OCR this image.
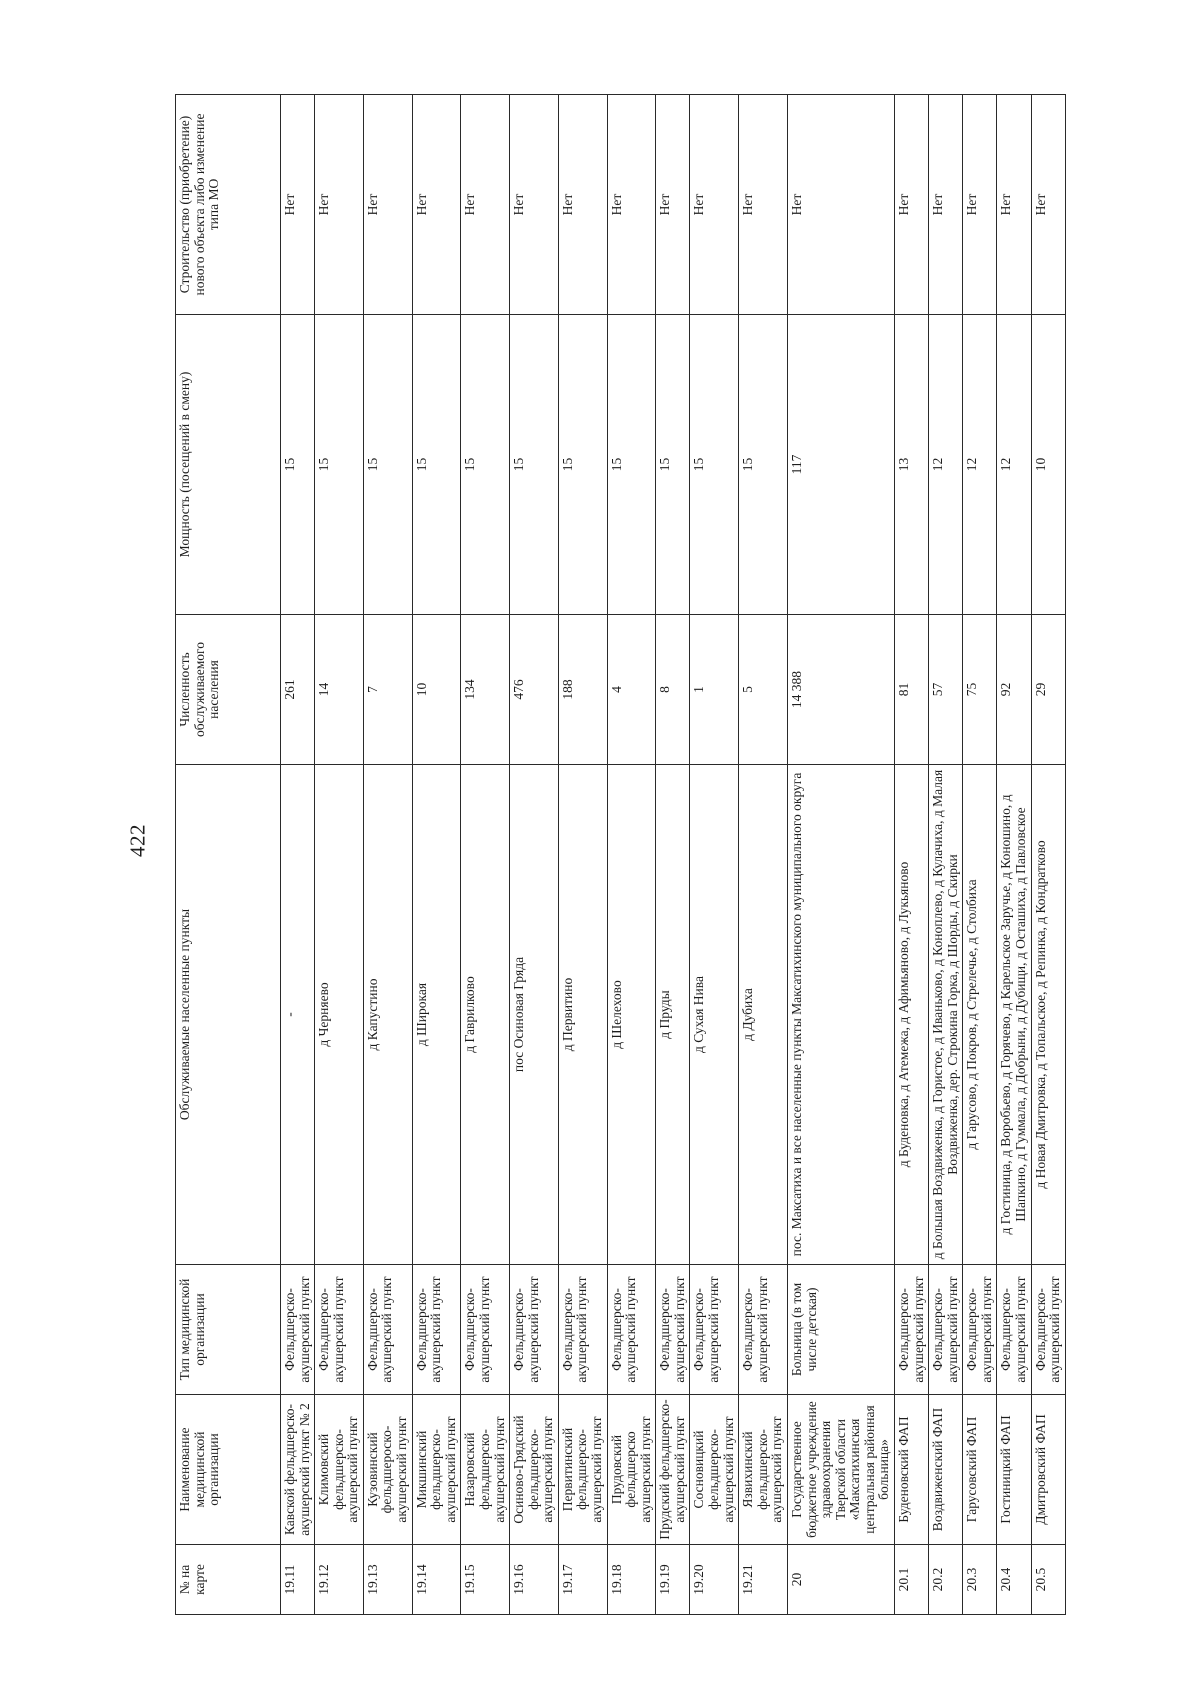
422
№ на карте	Наименование медицинской организации	Тип медицинской организации	Обслуживаемые населенные пункты	Численность обслуживаемого населения	Мощность (посещений в смену)	Строительство (приобретение) нового объекта либо изменение типа МО
19.11	Кавской фельдшерско-акушерский пункт № 2	Фельдшерско-акушерский пункт	-	261	15	Нет
19.12	Климовский фельдшерско-акушерский пункт	Фельдшерско-акушерский пункт	д Черняево	14	15	Нет
19.13	Кузовинский фельдшероско-акушерский пункт	Фельдшерско-акушерский пункт	д Капустино	7	15	Нет
19.14	Микшинский фельдшерско-акушерский пункт	Фельдшерско-акушерский пункт	д Широкая	10	15	Нет
19.15	Назаровский фельдшерско-акушерский пункт	Фельдшерско-акушерский пункт	д Гаврилково	134	15	Нет
19.16	Осиново-Грядский фельдшерско-акушерский пункт	Фельдшерско-акушерский пункт	пос Осиновая Гряда	476	15	Нет
19.17	Первитинский фельдшерско-акушерский пункт	Фельдшерско-акушерский пункт	д Первитино	188	15	Нет
19.18	Прудовский фельдшерско акушерский пункт	Фельдшерско-акушерский пункт	д Шелехово	4	15	Нет
19.19	Прудский фельдшерско-акушерский пункт	Фельдшерско-акушерский пункт	д Пруды	8	15	Нет
19.20	Сосновицкий фельдшерско-акушерский пункт	Фельдшерско-акушерский пункт	д Сухая Нива	1	15	Нет
19.21	Язвихинский фельдшерско-акушерский пункт	Фельдшерско-акушерский пункт	д Дубиха	5	15	Нет
20	Государственное бюджетное учреждение здравоохранения Тверской области «Максатихинская центральная районная больница»	Больница (в том числе детская)	пос. Максатиха и все населенные пункты Максатихинского муниципального округа	14 388	117	Нет
20.1	Буденовский ФАП	Фельдшерско-акушерский пункт	д Буденовка, д Атемежа, д Афимьяново, д Лукьяново	81	13	Нет
20.2	Воздвиженский ФАП	Фельдшерско-акушерский пункт	д Большая Воздвиженка, д Гористое, д Иваньково, д Коноплево, д Кулачиха, д Малая Воздвиженка, дер. Строкина Горка, д Шорды, д Скирки	57	12	Нет
20.3	Гарусовский ФАП	Фельдшерско-акушерский пункт	д Гарусово, д Покров, д Стрелечье, д Столбиха	75	12	Нет
20.4	Гостиницкий ФАП	Фельдшерско-акушерский пункт	д Гостиница, д Воробьево, д Горячево, д Карельское Заручье, д Коношино, д Шапкино, д Гуммала, д Добрыни, д Дубищи, д Осташиха, д Павловское	92	12	Нет
20.5	Дмитровский ФАП	Фельдшерско-акушерский пункт	д Новая Дмитровка, д Топальское, д Репинка, д Кондратково	29	10	Нет
